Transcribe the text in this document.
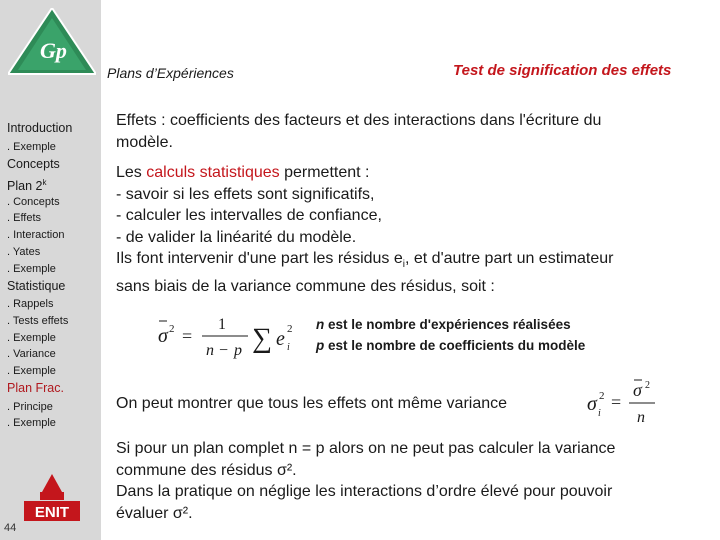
Gp
Introduction
. Exemple
Concepts
Plan 2$^k$
. Concepts
. Effets
. Interaction
. Yates
. Exemple
Statistique
. Rappels
. Tests effets
. Exemple
. Variance
. Exemple
Plan Frac.
. Principe
. Exemple
ENIT
44
Plans d’Expériences	Test de signification des effets
Effets : coefficients des facteurs et des interactions dans l'écriture du
modèle.
Les calculs statistiques permettent :
- savoir si les effets sont significatifs,
- calculer les intervalles de confiance,
- de valider la linéarité du modèle.
Ils font intervenir d'une part les résidus $e_i$, et d'autre part un estimateur
sans biais de la variance commune des résidus, soit :
σ 2 =
1
n − p ∑ e i
2 n est le nombre d'expériences réalisées
p est le nombre de coefficients du modèle
On peut montrer que tous les effets ont même variance	σ i
2 =
σ 2
n
Si pour un plan complet n = p alors on ne peut pas calculer la variance
commune des résidus σ².
Dans la pratique on néglige les interactions d’ordre élevé pour pouvoir
évaluer σ².
